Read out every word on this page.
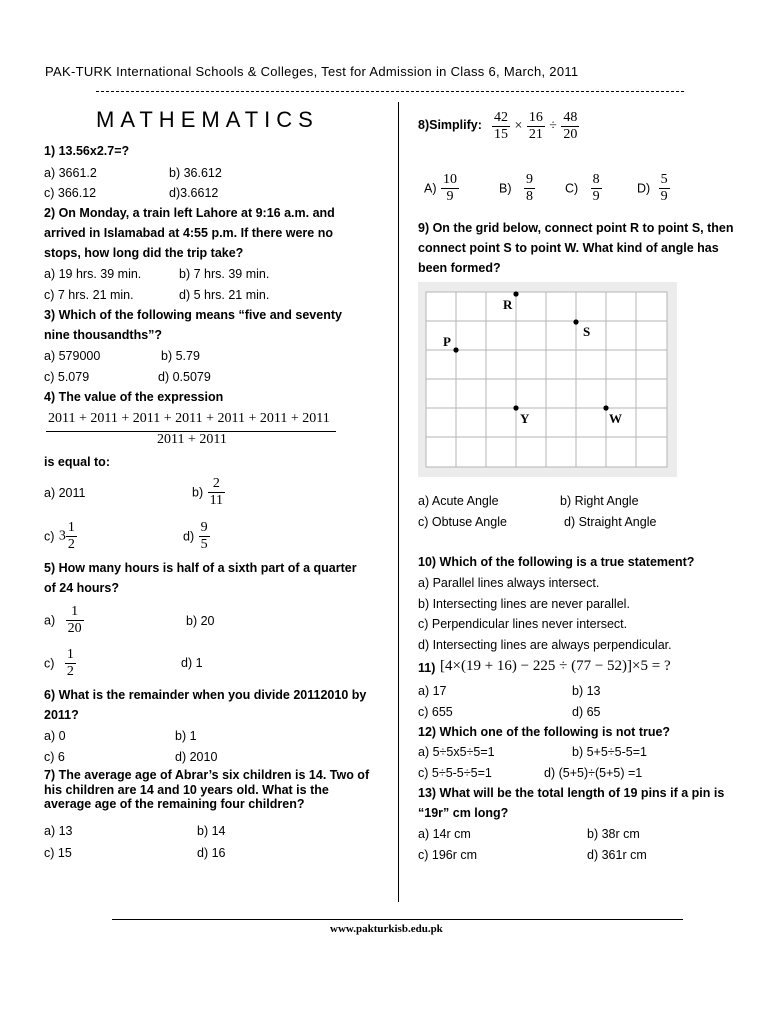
PAK-TURK International Schools & Colleges, Test for Admission in Class 6, March, 2011
MATHEMATICS
1) 13.56x2.7=?
a) 3661.2	b) 36.612
c) 366.12	d)3.6612
2) On Monday, a train left Lahore at 9:16 a.m. and
arrived in Islamabad at 4:55 p.m. If there were no
stops, how long did the trip take?
a) 19 hrs. 39 min.	b) 7 hrs. 39 min.
c) 7 hrs. 21 min.	d) 5 hrs. 21 min.
3) Which of the following means “five and seventy
nine thousandths”?
a) 579000	b) 5.79
c) 5.079	d) 0.5079
4) The value of the expression
2011 + 2011 + 2011 + 2011 + 2011 + 2011 + 2011
2011 + 2011
is equal to:
a) 2011	$b) \frac{2}{11}$
c) $3 \frac{1}{2}$	$d) \frac{9}{5}$
5) How many hours is half of a sixth part of a quarter
of 24 hours?
$a) \frac{1}{20}$	b) 20
$c) \frac{1}{2}$	d) 1
6) What is the remainder when you divide 20112010 by
2011?
a) 0	b) 1
c) 6	d) 2010
7) The average age of Abrar’s six children is 14. Two of
his children are 14 and 10 years old. What is the
average age of the remaining four children?
a) 13	b) 14
c) 15	d) 16
8)Simplify: $\frac{42}{15} \times \frac{16}{21} \div \frac{48}{20}$
$A) \frac{10}{9}$	$B) \frac{9}{8} C) \frac{8}{9}$	$D) \frac{5}{9}$
9) On the grid below, connect point R to point S, then
connect point S to point W. What kind of angle has
been formed?
R
S
P
Y	W
a) Acute Angle	b) Right Angle
c) Obtuse Angle	d) Straight Angle
10) Which of the following is a true statement?
a) Parallel lines always intersect.
b) Intersecting lines are never parallel.
c) Perpendicular lines never intersect.
d) Intersecting lines are always perpendicular.
11) [4×(19 + 16) − 225 ÷ (77 − 52)]×5 = ?
a) 17	b) 13
c) 655	d) 65
12) Which one of the following is not true?
a) 5÷5x5÷5=1	b) 5+5÷5-5=1
c) 5÷5-5÷5=1	d) (5+5)÷(5+5) =1
13) What will be the total length of 19 pins if a pin is
“19r” cm long?
a) 14r cm	b) 38r cm
c) 196r cm	d) 361r cm
www.pakturkisb.edu.pk
